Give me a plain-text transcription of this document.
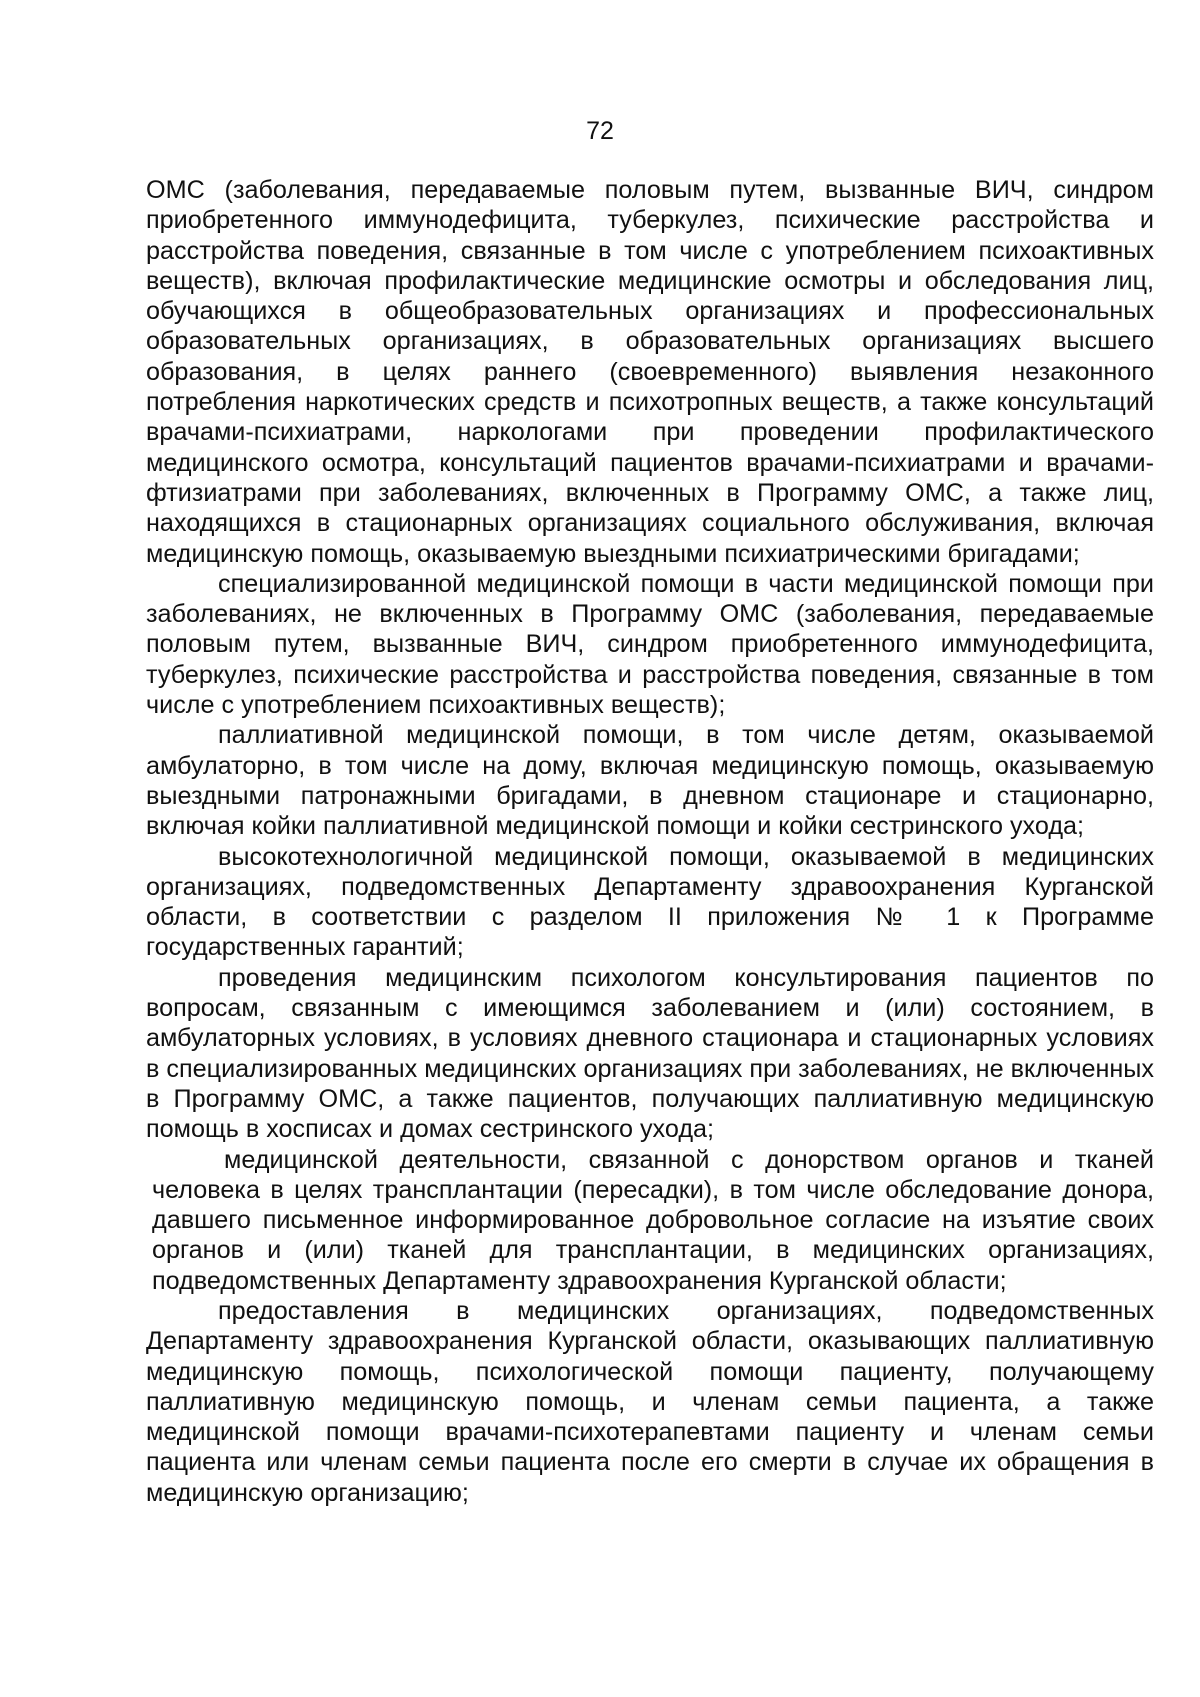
72

ОМС (заболевания, передаваемые половым путем, вызванные ВИЧ, синдром приобретенного иммунодефицита, туберкулез, психические расстройства и расстройства поведения, связанные в том числе с употреблением психоактивных веществ), включая профилактические медицинские осмотры и обследования лиц, обучающихся в общеобразовательных организациях и профессиональных образовательных организациях, в образовательных организациях высшего образования, в целях раннего (своевременного) выявления незаконного потребления наркотических средств и психотропных веществ, а также консультаций врачами-психиатрами, наркологами при проведении профилактического медицинского осмотра, консультаций пациентов врачами-психиатрами и врачами-фтизиатрами при заболеваниях, включенных в Программу ОМС, а также лиц, находящихся в стационарных организациях социального обслуживания, включая медицинскую помощь, оказываемую выездными психиатрическими бригадами;

специализированной медицинской помощи в части медицинской помощи при заболеваниях, не включенных в Программу ОМС (заболевания, передаваемые половым путем, вызванные ВИЧ, синдром приобретенного иммунодефицита, туберкулез, психические расстройства и расстройства поведения, связанные в том числе с употреблением психоактивных веществ);

паллиативной медицинской помощи, в том числе детям, оказываемой амбулаторно, в том числе на дому, включая медицинскую помощь, оказываемую выездными патронажными бригадами, в дневном стационаре и стационарно, включая койки паллиативной медицинской помощи и койки сестринского ухода;

высокотехнологичной медицинской помощи, оказываемой в медицинских организациях, подведомственных Департаменту здравоохранения Курганской области, в соответствии с разделом II приложения № 1 к Программе государственных гарантий;

проведения медицинским психологом консультирования пациентов по вопросам, связанным с имеющимся заболеванием и (или) состоянием, в амбулаторных условиях, в условиях дневного стационара и стационарных условиях в специализированных медицинских организациях при заболеваниях, не включенных в Программу ОМС, а также пациентов, получающих паллиативную медицинскую помощь в хосписах и домах сестринского ухода;

медицинской деятельности, связанной с донорством органов и тканей человека в целях трансплантации (пересадки), в том числе обследование донора, давшего письменное информированное добровольное согласие на изъятие своих органов и (или) тканей для трансплантации, в медицинских организациях, подведомственных Департаменту здравоохранения Курганской области;

предоставления в медицинских организациях, подведомственных Департаменту здравоохранения Курганской области, оказывающих паллиативную медицинскую помощь, психологической помощи пациенту, получающему паллиативную медицинскую помощь, и членам семьи пациента, а также медицинской помощи врачами-психотерапевтами пациенту и членам семьи пациента или членам семьи пациента после его смерти в случае их обращения в медицинскую организацию;
